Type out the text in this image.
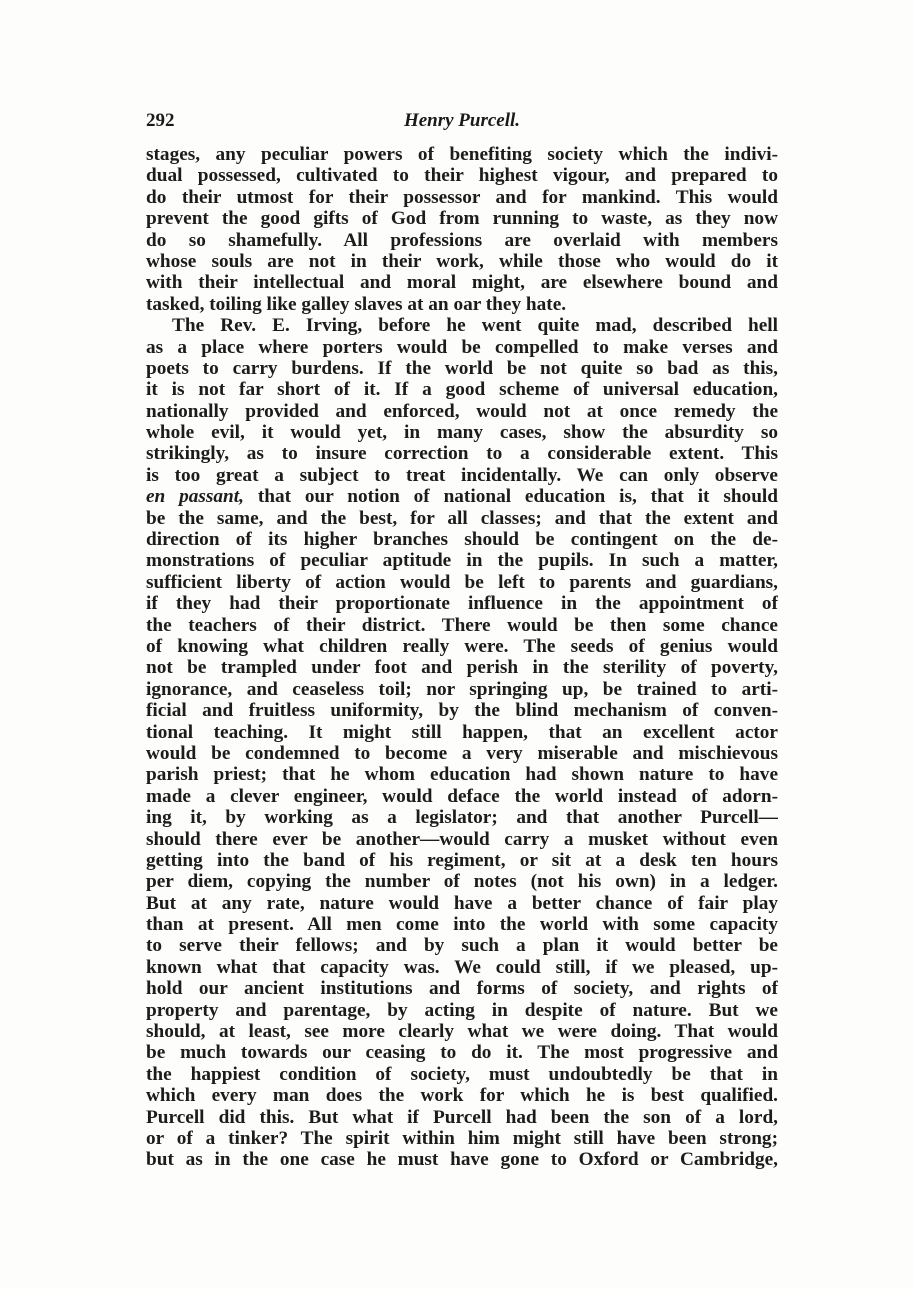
292	Henry Purcell.
stages, any peculiar powers of benefiting society which the indivi-
dual possessed, cultivated to their highest vigour, and prepared to
do their utmost for their possessor and for mankind. This would
prevent the good gifts of God from running to waste, as they now
do so shamefully. All professions are overlaid with members
whose souls are not in their work, while those who would do it
with their intellectual and moral might, are elsewhere bound and
tasked, toiling like galley slaves at an oar they hate.
The Rev. E. Irving, before he went quite mad, described hell
as a place where porters would be compelled to make verses and
poets to carry burdens. If the world be not quite so bad as this,
it is not far short of it. If a good scheme of universal education,
nationally provided and enforced, would not at once remedy the
whole evil, it would yet, in many cases, show the absurdity so
strikingly, as to insure correction to a considerable extent. This
is too great a subject to treat incidentally. We can only observe
en passant, that our notion of national education is, that it should
be the same, and the best, for all classes; and that the extent and
direction of its higher branches should be contingent on the de-
monstrations of peculiar aptitude in the pupils. In such a matter,
sufficient liberty of action would be left to parents and guardians,
if they had their proportionate influence in the appointment of
the teachers of their district. There would be then some chance
of knowing what children really were. The seeds of genius would
not be trampled under foot and perish in the sterility of poverty,
ignorance, and ceaseless toil; nor springing up, be trained to arti-
ficial and fruitless uniformity, by the blind mechanism of conven-
tional teaching. It might still happen, that an excellent actor
would be condemned to become a very miserable and mischievous
parish priest; that he whom education had shown nature to have
made a clever engineer, would deface the world instead of adorn-
ing it, by working as a legislator; and that another Purcell—
should there ever be another—would carry a musket without even
getting into the band of his regiment, or sit at a desk ten hours
per diem, copying the number of notes (not his own) in a ledger.
But at any rate, nature would have a better chance of fair play
than at present. All men come into the world with some capacity
to serve their fellows; and by such a plan it would better be
known what that capacity was. We could still, if we pleased, up-
hold our ancient institutions and forms of society, and rights of
property and parentage, by acting in despite of nature. But we
should, at least, see more clearly what we were doing. That would
be much towards our ceasing to do it. The most progressive and
the happiest condition of society, must undoubtedly be that in
which every man does the work for which he is best qualified.
Purcell did this. But what if Purcell had been the son of a lord,
or of a tinker? The spirit within him might still have been strong;
but as in the one case he must have gone to Oxford or Cambridge,
